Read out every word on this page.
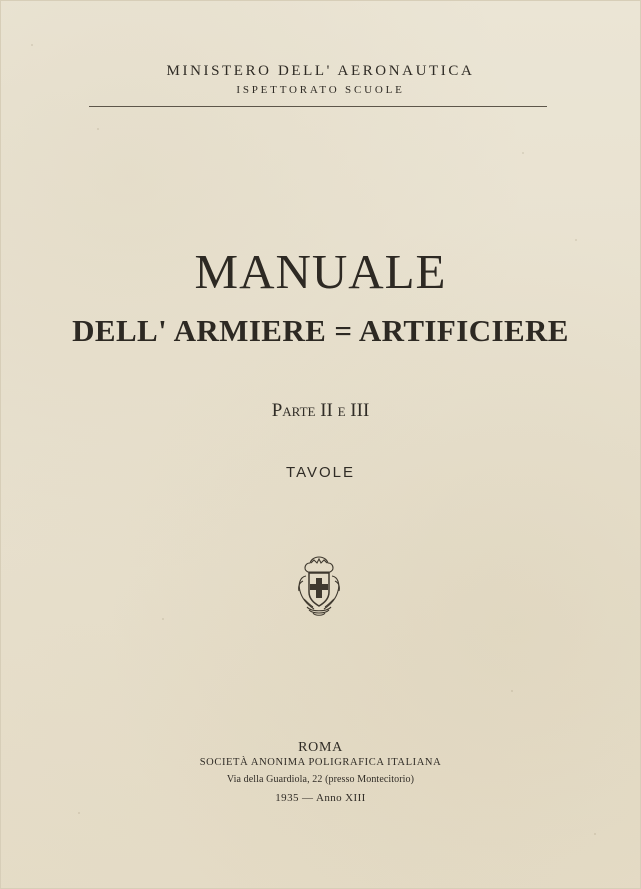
MINISTERO DELL' AERONAUTICA
ISPETTORATO SCUOLE
MANUALE
DELL' ARMIERE = ARTIFICIERE
Parte II e III
TAVOLE
ROMA
SOCIETÀ ANONIMA POLIGRAFICA ITALIANA
Via della Guardiola, 22 (presso Montecitorio)
1935 — Anno XIII
